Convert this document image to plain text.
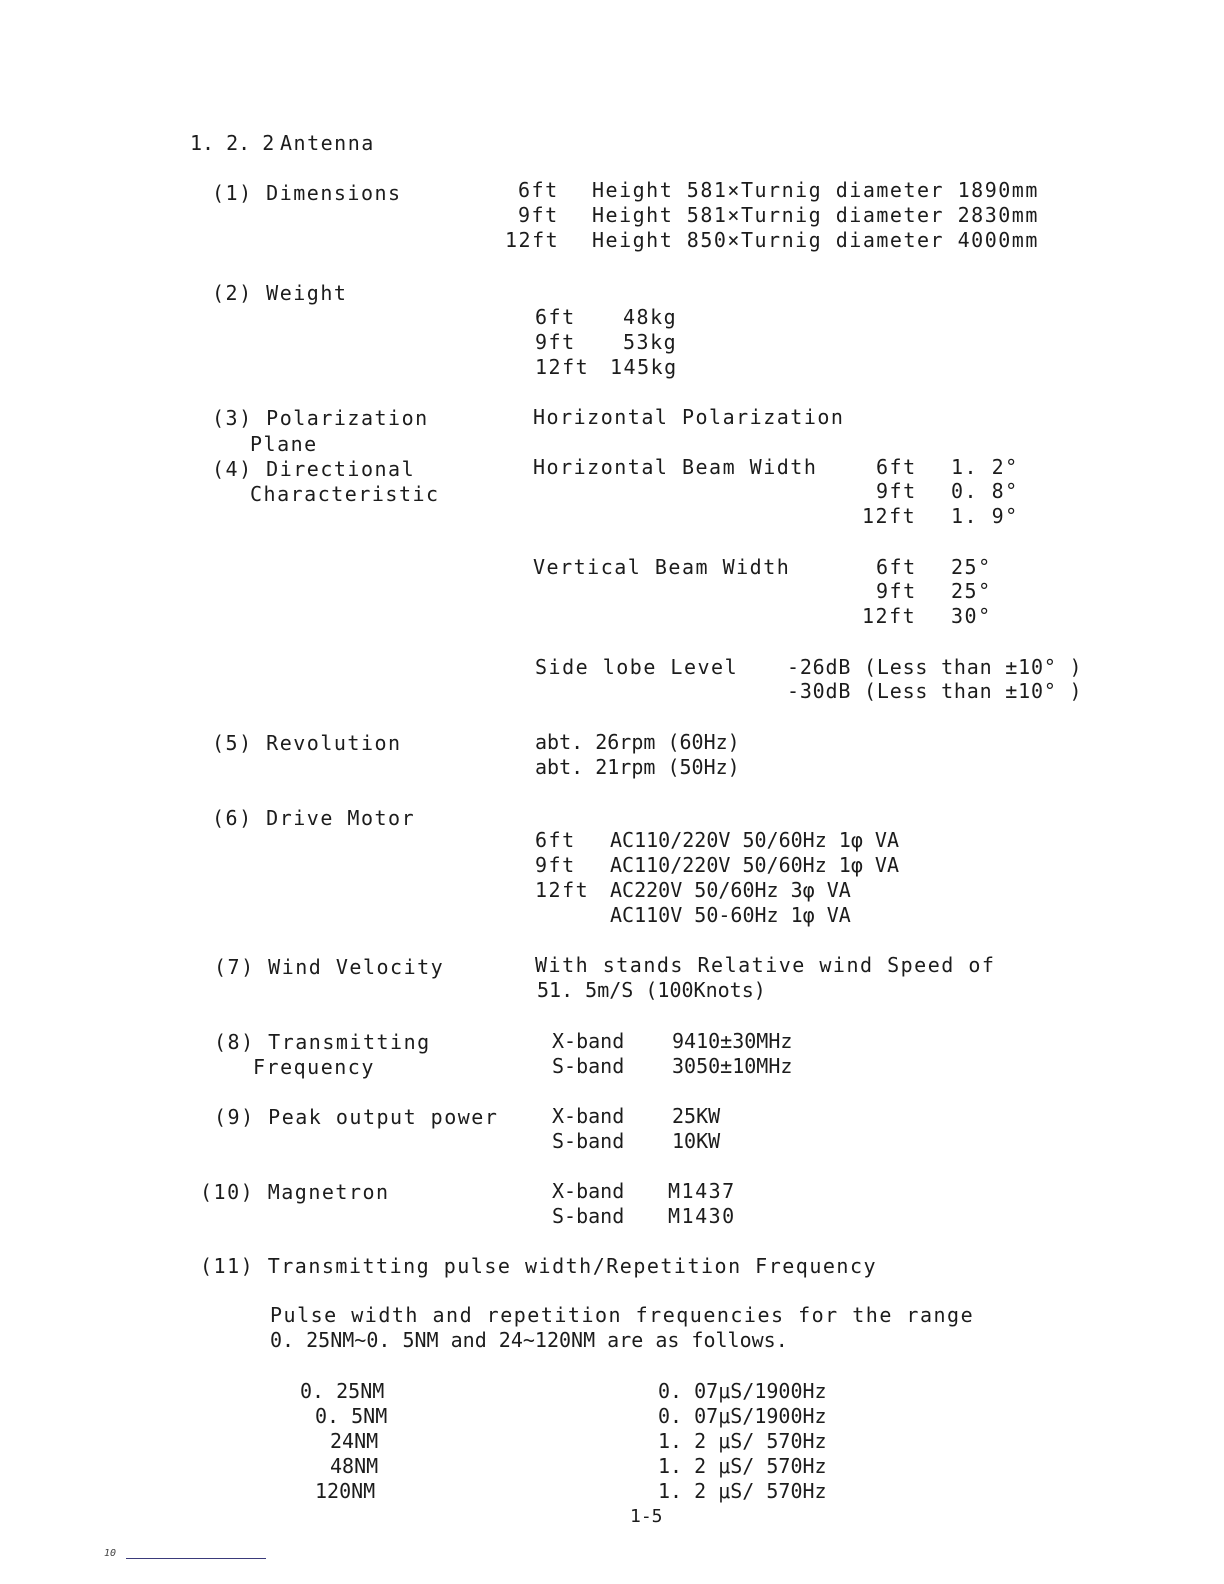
1. 2. 2 Antenna
(1) Dimensions	6ft Height 581×Turnig diameter 1890mm
9ft Height 581×Turnig diameter 2830mm
12ft Height 850×Turnig diameter 4000mm
(2) Weight
6ft 48kg
9ft 53kg
12ft 145kg
(3) Polarization
Plane
Horizontal Polarization
(4) Directional
Characteristic
Horizontal Beam Width	6ft 1. 2°
9ft 0. 8°
12ft 1. 9°
Vertical Beam Width	6ft 25°
9ft 25°
12ft 30°
Side lobe Level -26dB (Less than ±10° )
-30dB (Less than ±10° )
(5) Revolution	abt. 26rpm (60Hz)
abt. 21rpm (50Hz)
(6) Drive Motor
6ft AC110/220V 50/60Hz 1φ VA
9ft AC110/220V 50/60Hz 1φ VA
12ft AC220V 50/60Hz 3φ VA
AC110V 50-60Hz 1φ VA
(7) Wind Velocity	With stands Relative wind Speed of
51. 5m/S (100Knots)
(8) Transmitting
Frequency
X-band 9410±30MHz
S-band 3050±10MHz
(9) Peak output power	X-band 25KW
S-band 10KW
(10) Magnetron	X-band M1437
S-band M1430
(11) Transmitting pulse width/Repetition Frequency
Pulse width and repetition frequencies for the range
0. 25NM~0. 5NM and 24~120NM are as follows.
0. 25NM	0. 07μS/1900Hz
0. 5NM	0. 07μS/1900Hz
24NM	1. 2 μS/ 570Hz
48NM	1. 2 μS/ 570Hz
120NM	1. 2 μS/ 570Hz
1-5
10
